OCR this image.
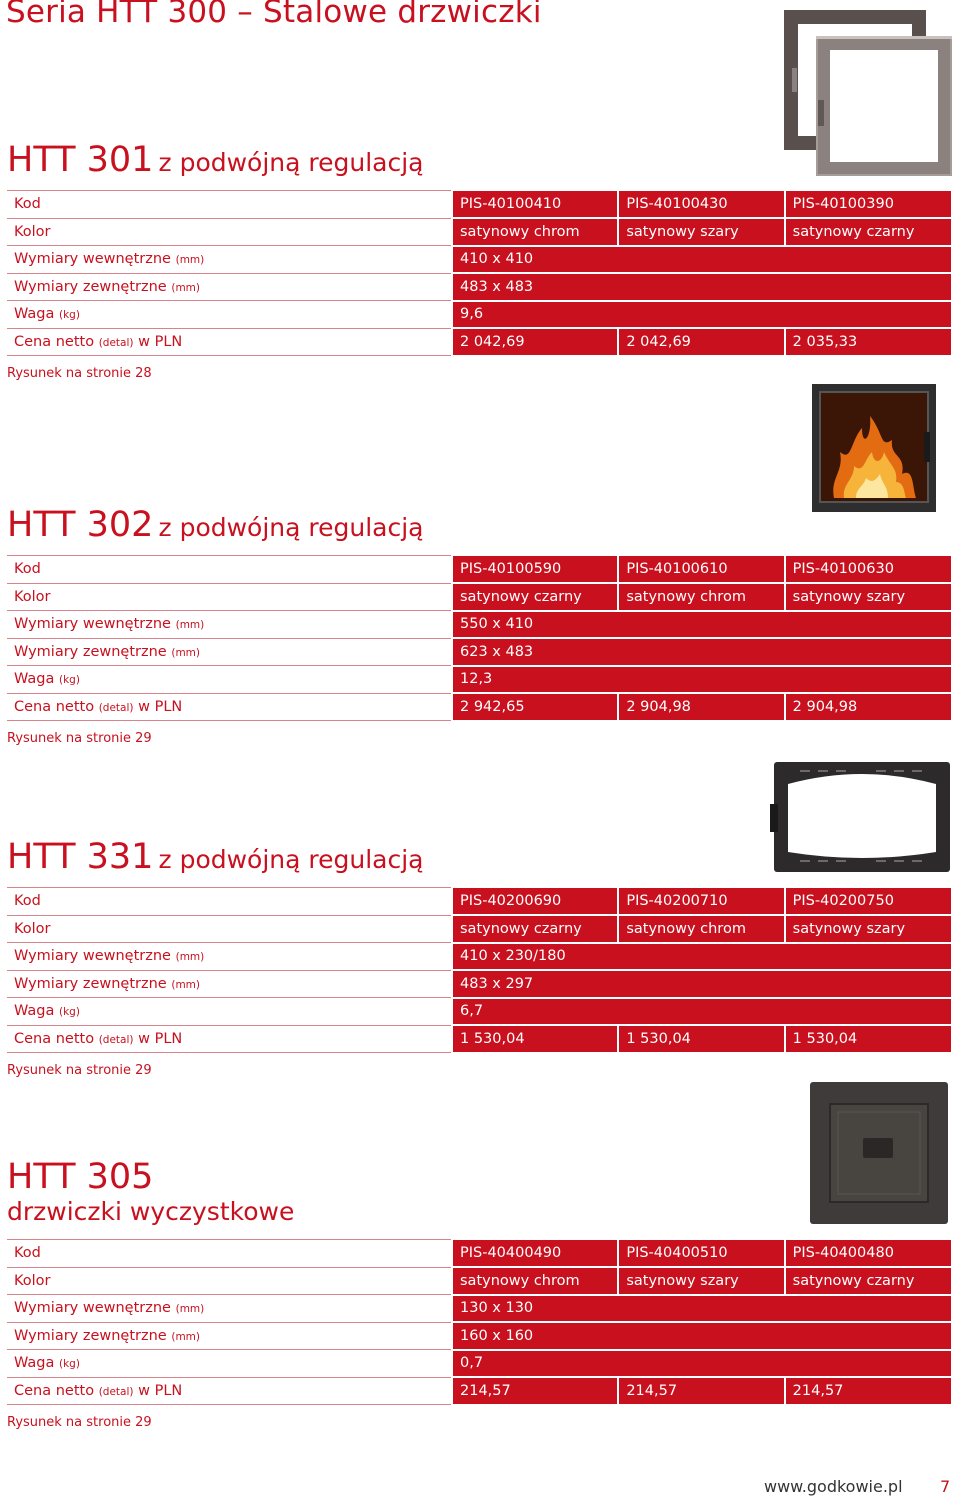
Seria HTT 300 – Stalowe drzwiczki
HTT 301 z podwójną regulacją
Kod	PIS-40100410	PIS-40100430	PIS-40100390
Kolor	satynowy chrom	satynowy szary	satynowy czarny
Wymiary wewnętrzne (mm)	410 x 410		
Wymiary zewnętrzne (mm)	483 x 483		
Waga (kg)	9,6		
Cena netto (detal) w PLN	2 042,69	2 042,69	2 035,33
Rysunek na stronie 28
HTT 302 z podwójną regulacją
Kod	PIS-40100590	PIS-40100610	PIS-40100630
Kolor	satynowy czarny	satynowy chrom	satynowy szary
Wymiary wewnętrzne (mm)	550 x 410		
Wymiary zewnętrzne (mm)	623 x 483		
Waga (kg)	12,3		
Cena netto (detal) w PLN	2 942,65	2 904,98	2 904,98
Rysunek na stronie 29
HTT 331 z podwójną regulacją
Kod	PIS-40200690	PIS-40200710	PIS-40200750
Kolor	satynowy czarny	satynowy chrom	satynowy szary
Wymiary wewnętrzne (mm)	410 x 230/180		
Wymiary zewnętrzne (mm)	483 x 297		
Waga (kg)	6,7		
Cena netto (detal) w PLN	1 530,04	1 530,04	1 530,04
Rysunek na stronie 29
HTT 305
drzwiczki wyczystkowe
Kod	PIS-40400490	PIS-40400510	PIS-40400480
Kolor	satynowy chrom	satynowy szary	satynowy czarny
Wymiary wewnętrzne (mm)	130 x 130		
Wymiary zewnętrzne (mm)	160 x 160		
Waga (kg)	0,7		
Cena netto (detal) w PLN	214,57	214,57	214,57
Rysunek na stronie 29
www.godkowie.pl 7
